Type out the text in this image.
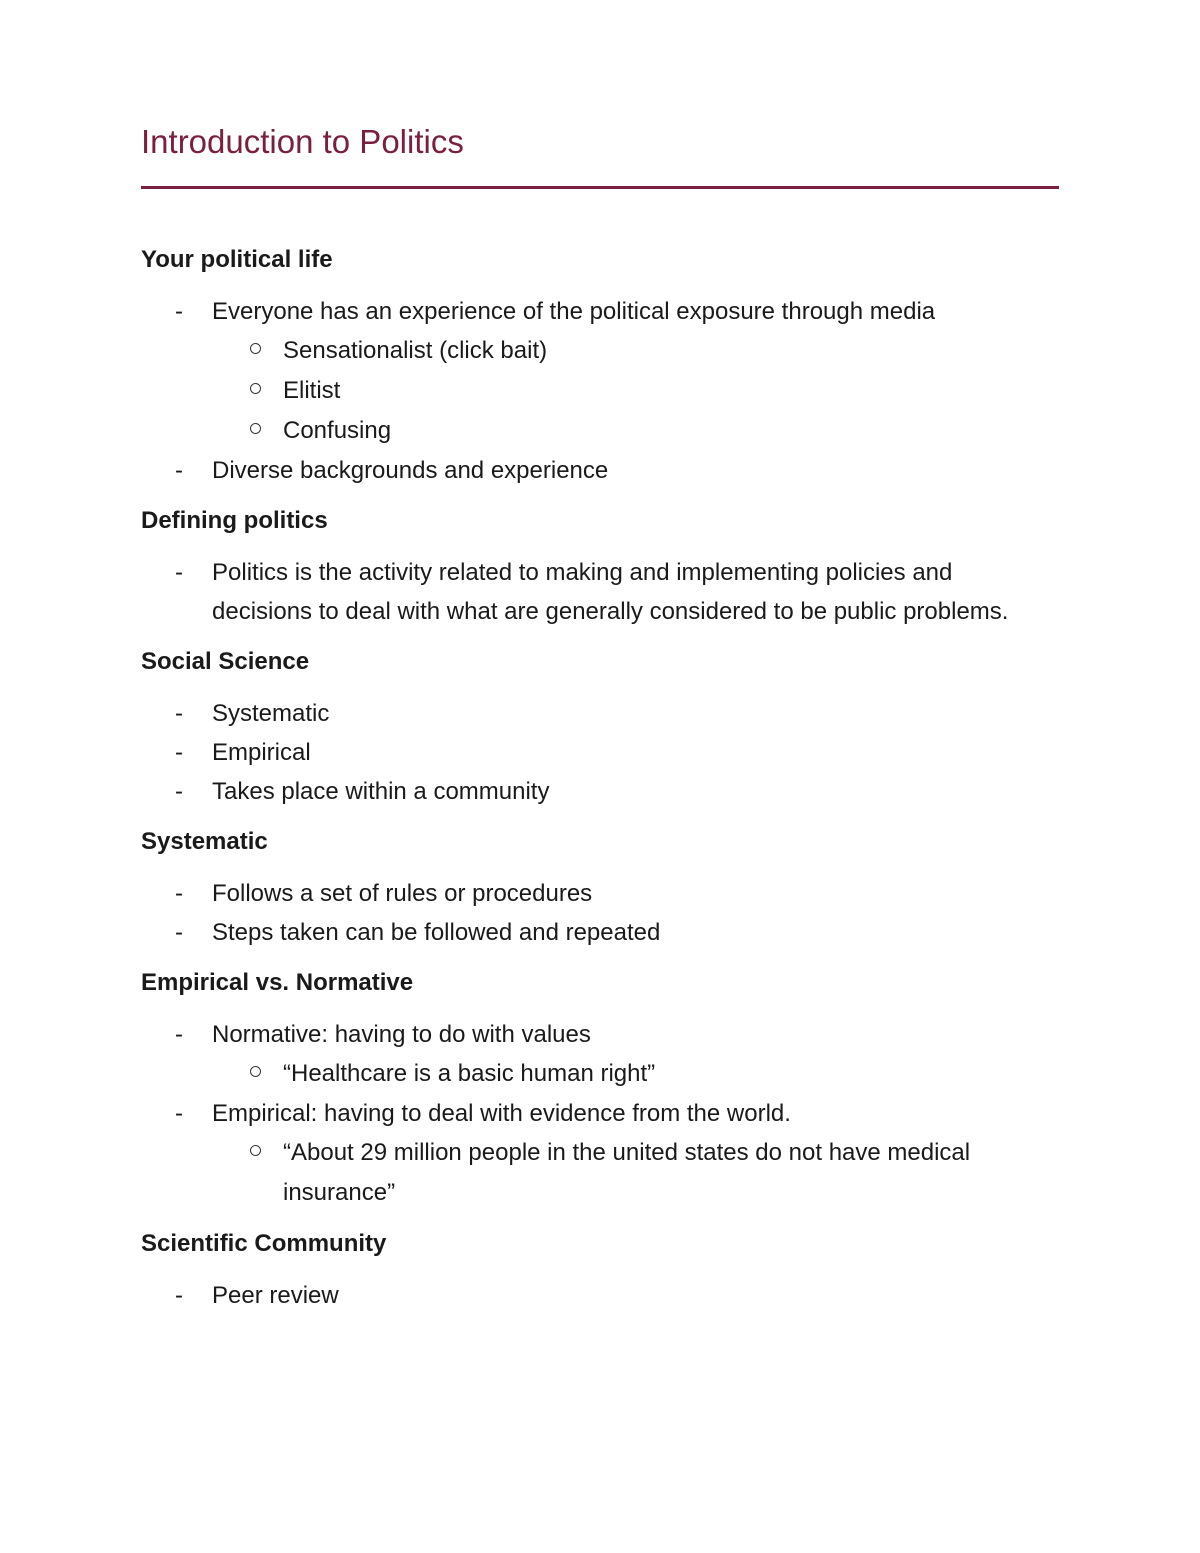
Introduction to Politics
Your political life
- Everyone has an experience of the political exposure through media
Sensationalist (click bait)
Elitist
Confusing
- Diverse backgrounds and experience
Defining politics
- Politics is the activity related to making and implementing policies and decisions to deal with what are generally considered to be public problems.
Social Science
- Systematic
- Empirical
- Takes place within a community
Systematic
- Follows a set of rules or procedures
- Steps taken can be followed and repeated
Empirical vs. Normative
- Normative: having to do with values
“Healthcare is a basic human right”
- Empirical: having to deal with evidence from the world.
“About 29 million people in the united states do not have medical insurance”
Scientific Community
- Peer review
